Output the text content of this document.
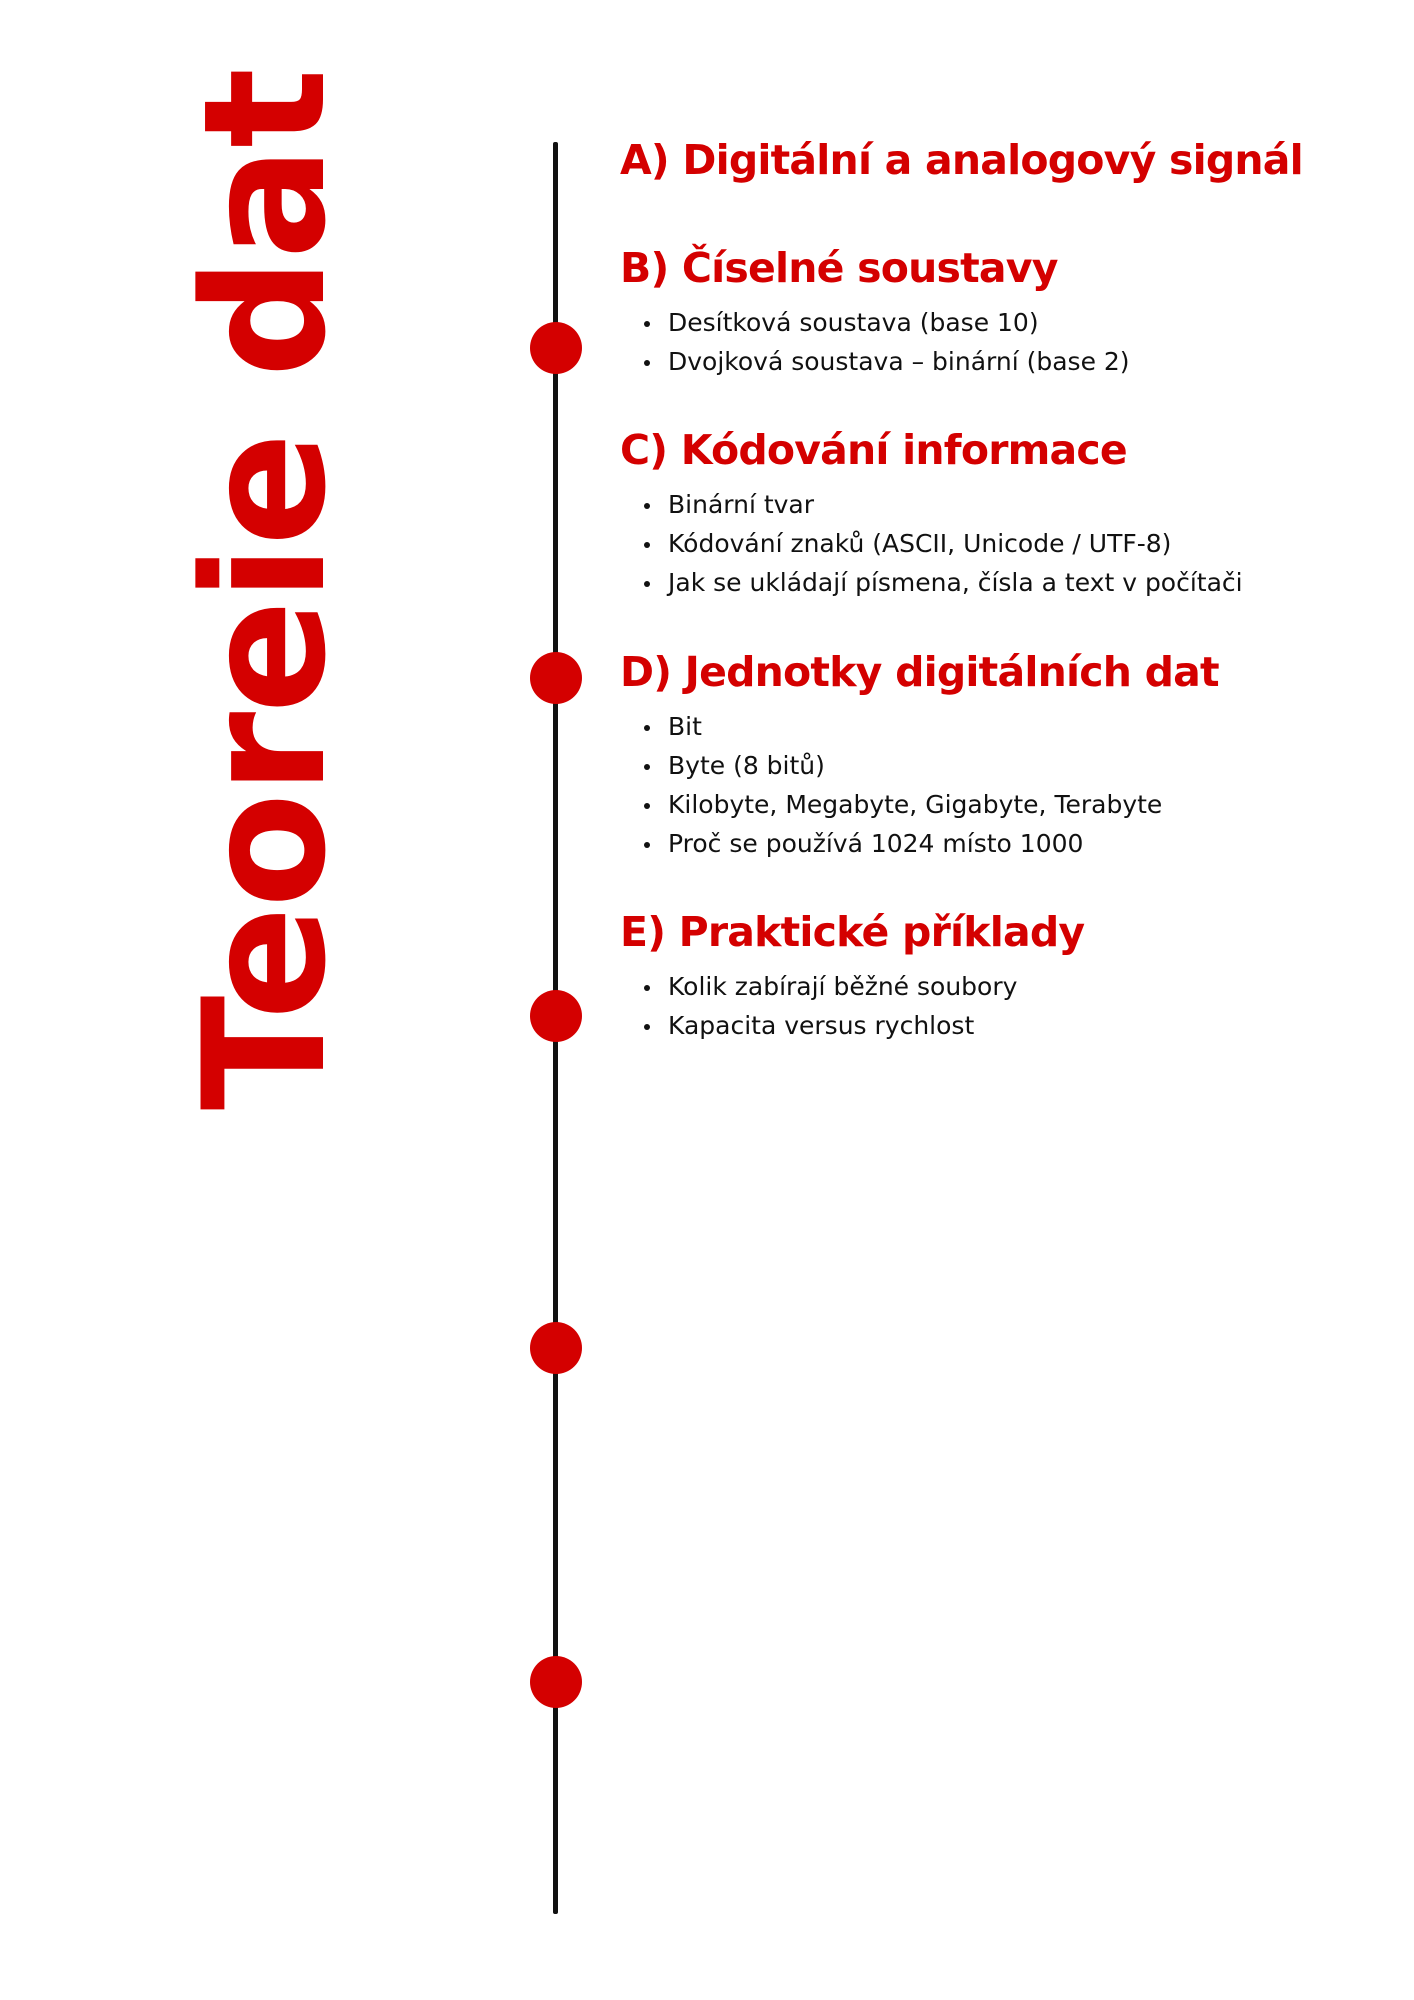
Teoreie dat	A) Digitální a analogový signál
B) Číselné soustavy
Desítková soustava (base 10)
Dvojková soustava – binární (base 2)
C) Kódování informace
Binární tvar
Kódování znaků (ASCII, Unicode / UTF-8)
Jak se ukládají písmena, čísla a text v počítači
D) Jednotky digitálních dat
Bit
Byte (8 bitů)
Kilobyte, Megabyte, Gigabyte, Terabyte
Proč se používá 1024 místo 1000
E) Praktické příklady
Kolik zabírají běžné soubory
Kapacita versus rychlost
